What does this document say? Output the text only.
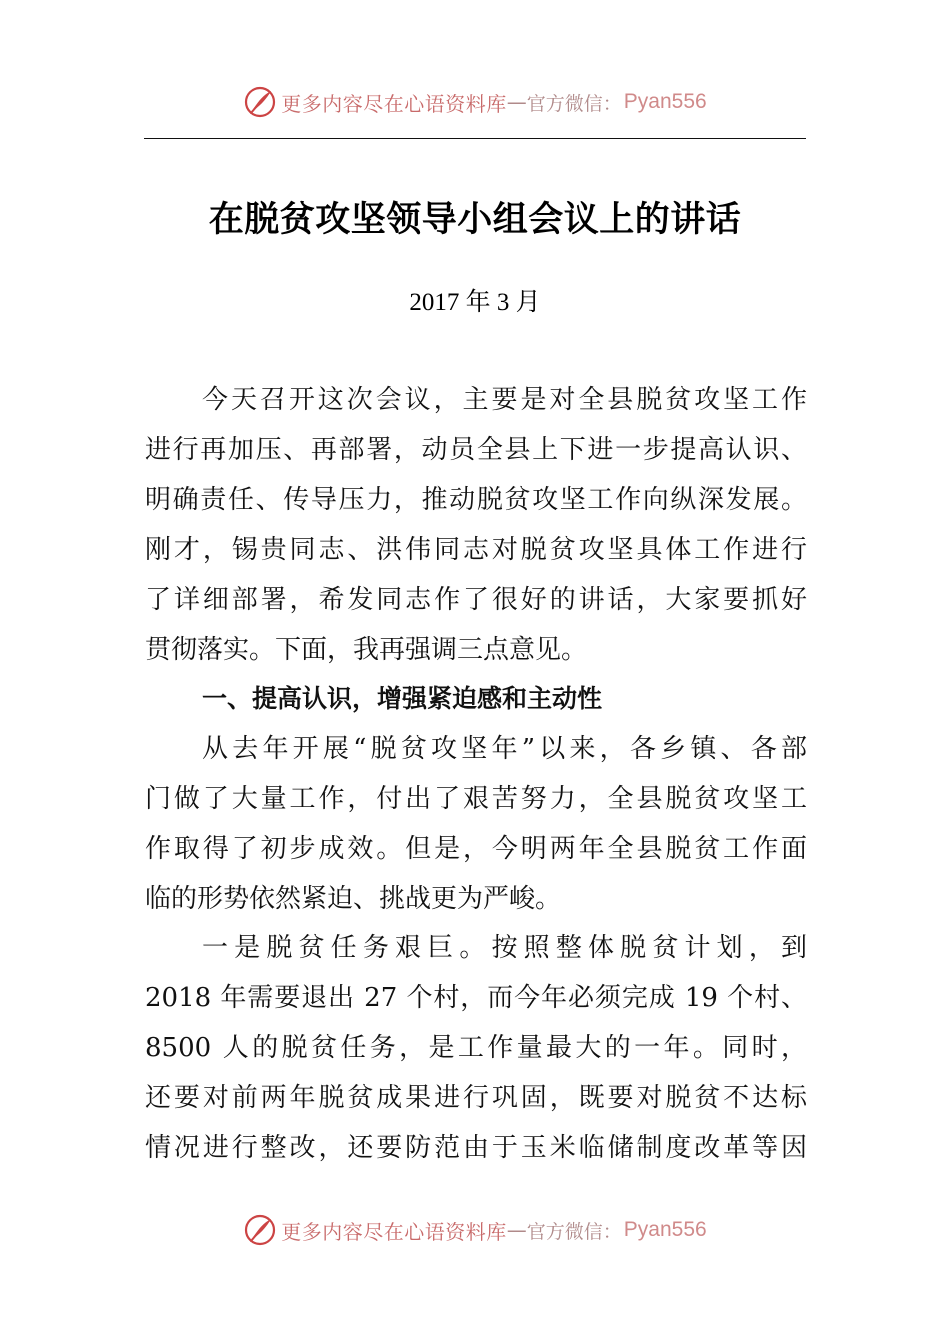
更多内容尽在心语资料库 — 官方微信： Pyan556
在脱贫攻坚领导小组会议上的讲话
2017 年 3 月
今天召开这次会议，主要是对全县脱贫攻坚工作
进行再加压、再部署，动员全县上下进一步提高认识、
明确责任、传导压力，推动脱贫攻坚工作向纵深发展。
刚才，锡贵同志、洪伟同志对脱贫攻坚具体工作进行
了详细部署，希发同志作了很好的讲话，大家要抓好
贯彻落实。下面，我再强调三点意见。
一、提高认识，增强紧迫感和主动性
从去年开展“脱贫攻坚年”以来，各乡镇、各部
门做了大量工作，付出了艰苦努力，全县脱贫攻坚工
作取得了初步成效。但是，今明两年全县脱贫工作面
临的形势依然紧迫、挑战更为严峻。
一是脱贫任务艰巨。按照整体脱贫计划，到
2018 年需要退出 27 个村，而今年必须完成 19 个村、
8500 人的脱贫任务，是工作量最大的一年。同时，
还要对前两年脱贫成果进行巩固，既要对脱贫不达标
情况进行整改，还要防范由于玉米临储制度改革等因
更多内容尽在心语资料库 — 官方微信： Pyan556
